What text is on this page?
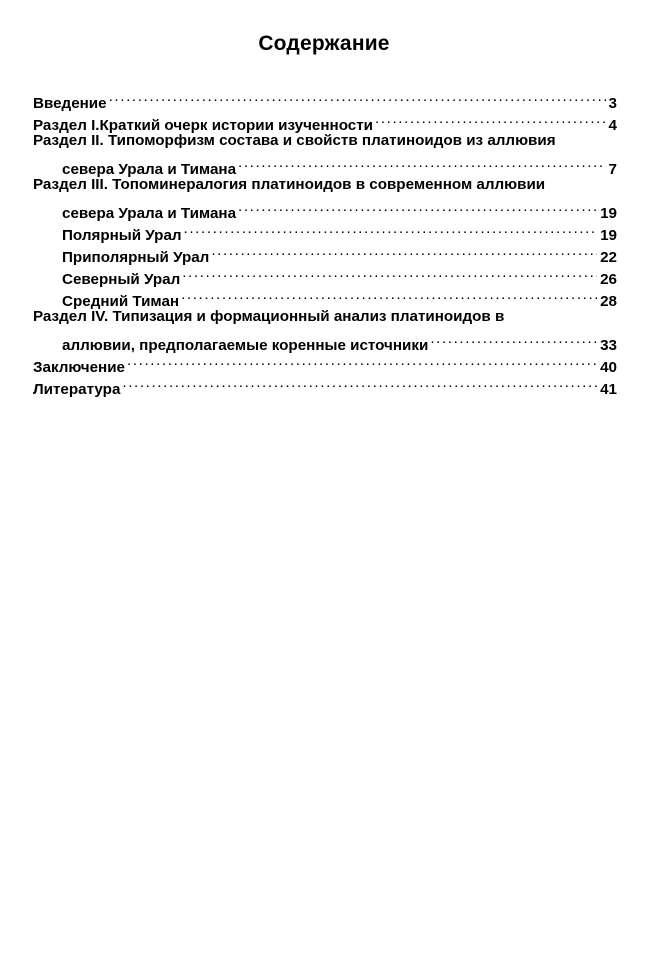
Содержание
Введение .....	3
Раздел I.Краткий очерк истории изученности .....	4
Раздел II. Типоморфизм состава и свойств платиноидов из аллювия
севера Урала и Тимана .....	7
Раздел III. Топоминералогия платиноидов в современном аллювии
севера Урала и Тимана .....	19
Полярный Урал .....	19
Приполярный Урал .....	22
Северный Урал .....	26
Средний Тиман .....	28
Раздел IV. Типизация и формационный анализ платиноидов в
аллювии, предполагаемые коренные источники .....	33
Заключение .....	40
Литература .....	41
